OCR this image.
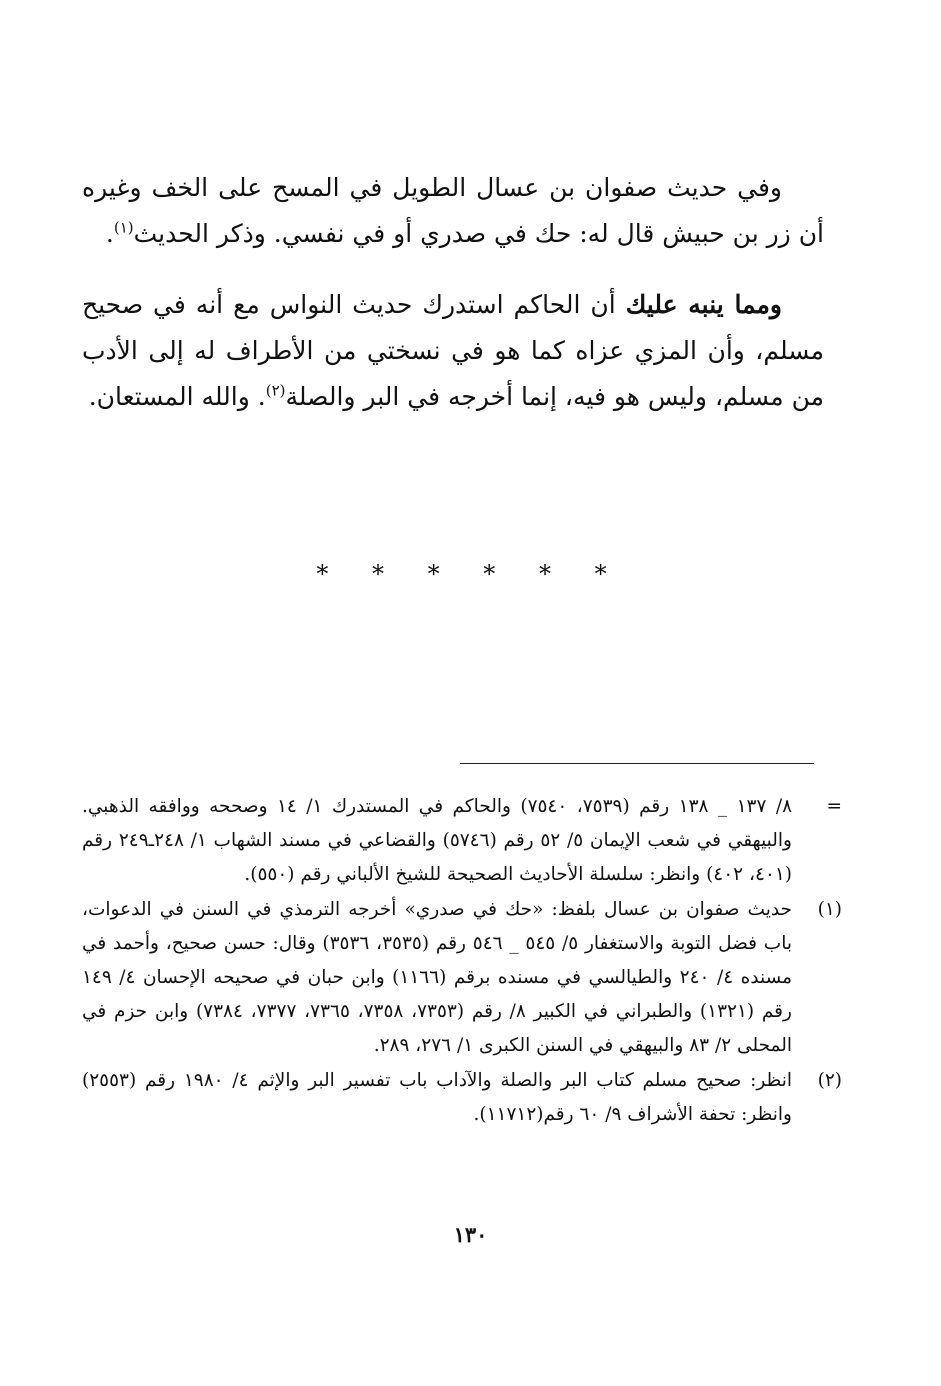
وفي حديث صفوان بن عسال الطويل في المسح على الخف وغيره أن زر بن حبيش قال له: حك في صدري أو في نفسي. وذكر الحديث$^{(١)}$.

ومما ينبه عليك أن الحاكم استدرك حديث النواس مع أنه في صحيح مسلم، وأن المزي عزاه كما هو في نسختي من الأطراف له إلى الأدب من مسلم، وليس هو فيه، إنما أخرجه في البر والصلة$^{(٢)}$. والله المستعان.

* * * * * *
=
٨/ ١٣٧ _ ١٣٨ رقم (٧٥٣٩، ٧٥٤٠) والحاكم في المستدرك ١/ ١٤ وصححه ووافقه الذهبي. والبيهقي في شعب الإيمان ٥/ ٥٢ رقم (٥٧٤٦) والقضاعي في مسند الشهاب ١/ ٢٤٨ـ٢٤٩ رقم (٤٠١، ٤٠٢) وانظر: سلسلة الأحاديث الصحيحة للشيخ الألباني رقم (٥٥٠).
(١)
حديث صفوان بن عسال بلفظ: «حك في صدري» أخرجه الترمذي في السنن في الدعوات، باب فضل التوبة والاستغفار ٥/ ٥٤٥ _ ٥٤٦ رقم (٣٥٣٥، ٣٥٣٦) وقال: حسن صحيح، وأحمد في مسنده ٤/ ٢٤٠ والطيالسي في مسنده برقم (١١٦٦) وابن حبان في صحيحه الإحسان ٤/ ١٤٩ رقم (١٣٢١) والطبراني في الكبير ٨/ رقم (٧٣٥٣، ٧٣٥٨، ٧٣٦٥، ٧٣٧٧، ٧٣٨٤) وابن حزم في المحلى ٢/ ٨٣ والبيهقي في السنن الكبرى ١/ ٢٧٦، ٢٨٩.
(٢)
انظر: صحيح مسلم كتاب البر والصلة والآداب باب تفسير البر والإثم ٤/ ١٩٨٠ رقم (٢٥٥٣) وانظر: تحفة الأشراف ٩/ ٦٠ رقم(١١٧١٢).
١٣٠
